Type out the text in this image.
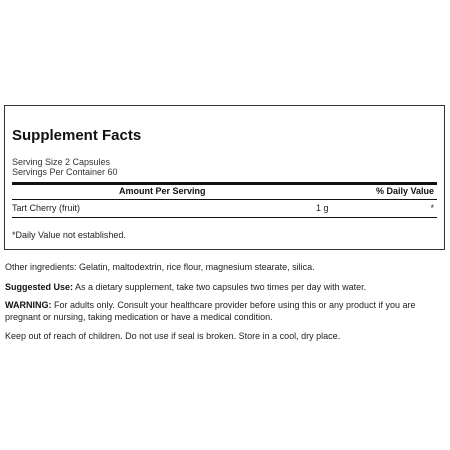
Supplement Facts
Serving Size 2 Capsules
Servings Per Container 60
Amount Per Serving	% Daily Value
Tart Cherry (fruit)	1 g	*
*Daily Value not established.
Other ingredients: Gelatin, maltodextrin, rice flour, magnesium stearate, silica.
Suggested Use: As a dietary supplement, take two capsules two times per day with water.
WARNING: For adults only. Consult your healthcare provider before using this or any product if you are pregnant or nursing, taking medication or have a medical condition.
Keep out of reach of children. Do not use if seal is broken. Store in a cool, dry place.
